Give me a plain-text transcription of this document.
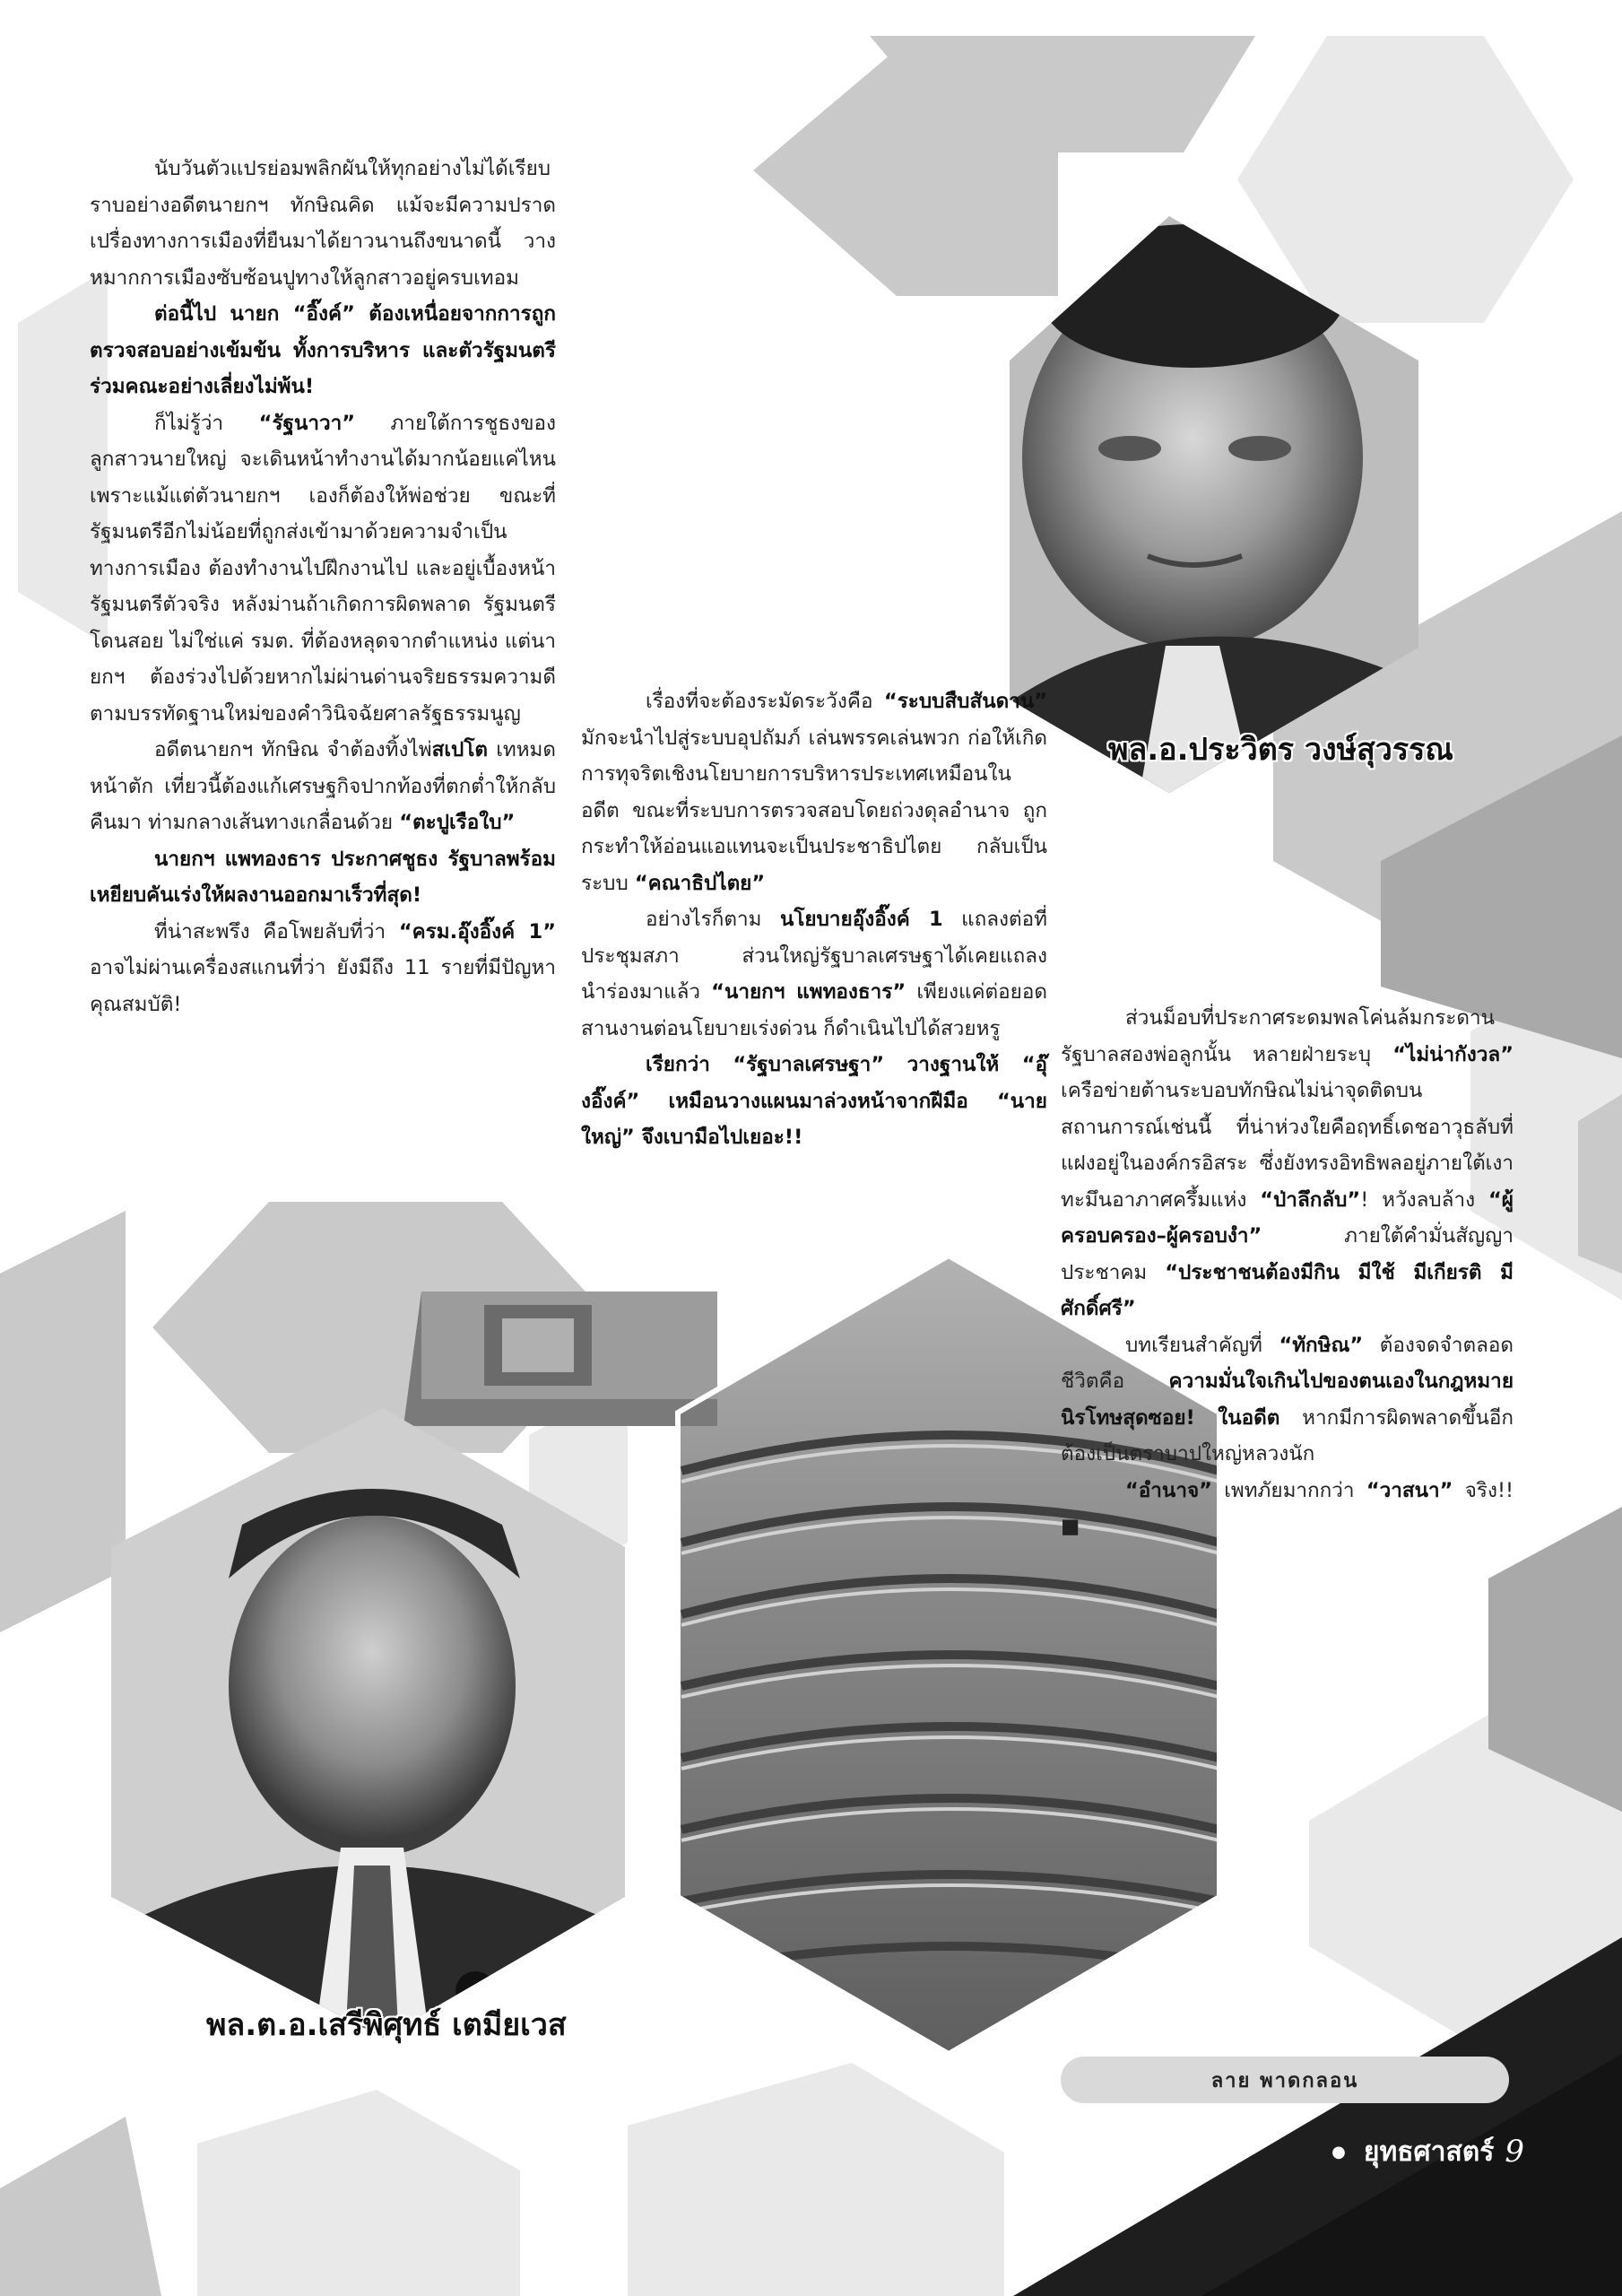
นับวันตัวแปรย่อมพลิกผันให้ทุกอย่างไม่ได้เรียบราบอย่างอดีตนายกฯ ทักษิณคิด แม้จะมีความปราดเปรื่องทางการเมืองที่ยืนมาได้ยาวนานถึงขนาดนี้ วางหมากการเมืองซับซ้อนปูทางให้ลูกสาวอยู่ครบเทอม

ต่อนี้ไป นายก “อิ๊งค์” ต้องเหนื่อยจากการถูกตรวจสอบอย่างเข้มข้น ทั้งการบริหาร และตัวรัฐมนตรีร่วมคณะอย่างเลี่ยงไม่พ้น!

ก็ไม่รู้ว่า “รัฐนาวา” ภายใต้การชูธงของลูกสาวนายใหญ่ จะเดินหน้าทำงานได้มากน้อยแค่ไหน เพราะแม้แต่ตัวนายกฯ เองก็ต้องให้พ่อช่วย ขณะที่รัฐมนตรีอีกไม่น้อยที่ถูกส่งเข้ามาด้วยความจำเป็นทางการเมือง ต้องทำงานไปฝึกงานไป และอยู่เบื้องหน้ารัฐมนตรีตัวจริง หลังม่านถ้าเกิดการผิดพลาด รัฐมนตรีโดนสอย ไม่ใช่แค่ รมต. ที่ต้องหลุดจากตำแหน่ง แต่นายกฯ ต้องร่วงไปด้วยหากไม่ผ่านด่านจริยธรรมความดีตามบรรทัดฐานใหม่ของคำวินิจฉัยศาลรัฐธรรมนูญ

อดีตนายกฯ ทักษิณ จำต้องทิ้งไพ่สเปโต เทหมดหน้าตัก เที่ยวนี้ต้องแก้เศรษฐกิจปากท้องที่ตกต่ำให้กลับคืนมา ท่ามกลางเส้นทางเกลื่อนด้วย “ตะปูเรือใบ”

นายกฯ แพทองธาร ประกาศชูธง รัฐบาลพร้อมเหยียบคันเร่งให้ผลงานออกมาเร็วที่สุด!

ที่น่าสะพรึง คือโพยลับที่ว่า “ครม.อุ๊งอิ๊งค์ 1” อาจไม่ผ่านเครื่องสแกนที่ว่า ยังมีถึง 11 รายที่มีปัญหาคุณสมบัติ!

เรื่องที่จะต้องระมัดระวังคือ “ระบบสืบสันดาน” มักจะนำไปสู่ระบบอุปถัมภ์ เล่นพรรคเล่นพวก ก่อให้เกิดการทุจริตเชิงนโยบายการบริหารประเทศเหมือนในอดีต ขณะที่ระบบการตรวจสอบโดยถ่วงดุลอำนาจ ถูกกระทำให้อ่อนแอแทนจะเป็นประชาธิปไตย กลับเป็นระบบ “คณาธิปไตย”

อย่างไรก็ตาม นโยบายอุ๊งอิ๊งค์ 1 แถลงต่อที่ประชุมสภา ส่วนใหญ่รัฐบาลเศรษฐาได้เคยแถลงนำร่องมาแล้ว “นายกฯ แพทองธาร” เพียงแค่ต่อยอดสานงานต่อนโยบายเร่งด่วน ก็ดำเนินไปได้สวยหรู

เรียกว่า “รัฐบาลเศรษฐา” วางฐานให้ “อุ๊งอิ๊งค์” เหมือนวางแผนมาล่วงหน้าจากฝีมือ “นายใหญ่” จึงเบามือไปเยอะ!!

ส่วนม็อบที่ประกาศระดมพลโค่นล้มกระดานรัฐบาลสองพ่อลูกนั้น หลายฝ่ายระบุ “ไม่น่ากังวล” เครือข่ายต้านระบอบทักษิณไม่น่าจุดติดบนสถานการณ์เช่นนี้ ที่น่าห่วงใยคือฤทธิ์เดชอาวุธลับที่แฝงอยู่ในองค์กรอิสระ ซึ่งยังทรงอิทธิพลอยู่ภายใต้เงาทะมึนอาภาศครึ้มแห่ง “ป่าลึกลับ”! หวังลบล้าง “ผู้ครอบครอง–ผู้ครอบงำ” ภายใต้คำมั่นสัญญาประชาคม “ประชาชนต้องมีกิน มีใช้ มีเกียรติ มีศักดิ์ศรี”

บทเรียนสำคัญที่ “ทักษิณ” ต้องจดจำตลอดชีวิตคือ ความมั่นใจเกินไปของตนเองในกฎหมายนิรโทษสุดซอย! ในอดีต หากมีการผิดพลาดขึ้นอีก ต้องเป็นตราบาปใหญ่หลวงนัก

“อำนาจ” เพทภัยมากกว่า “วาสนา” จริง!! ■

พล.อ.ประวิตร วงษ์สุวรรณ
พล.ต.อ.เสรีพิศุทธ์ เตมียเวส
ลาย พาดกลอน
เพื่อชาติ ศาสน์ กษัตริย์ และประชาชน
● ยุทธศาสตร์ 9
